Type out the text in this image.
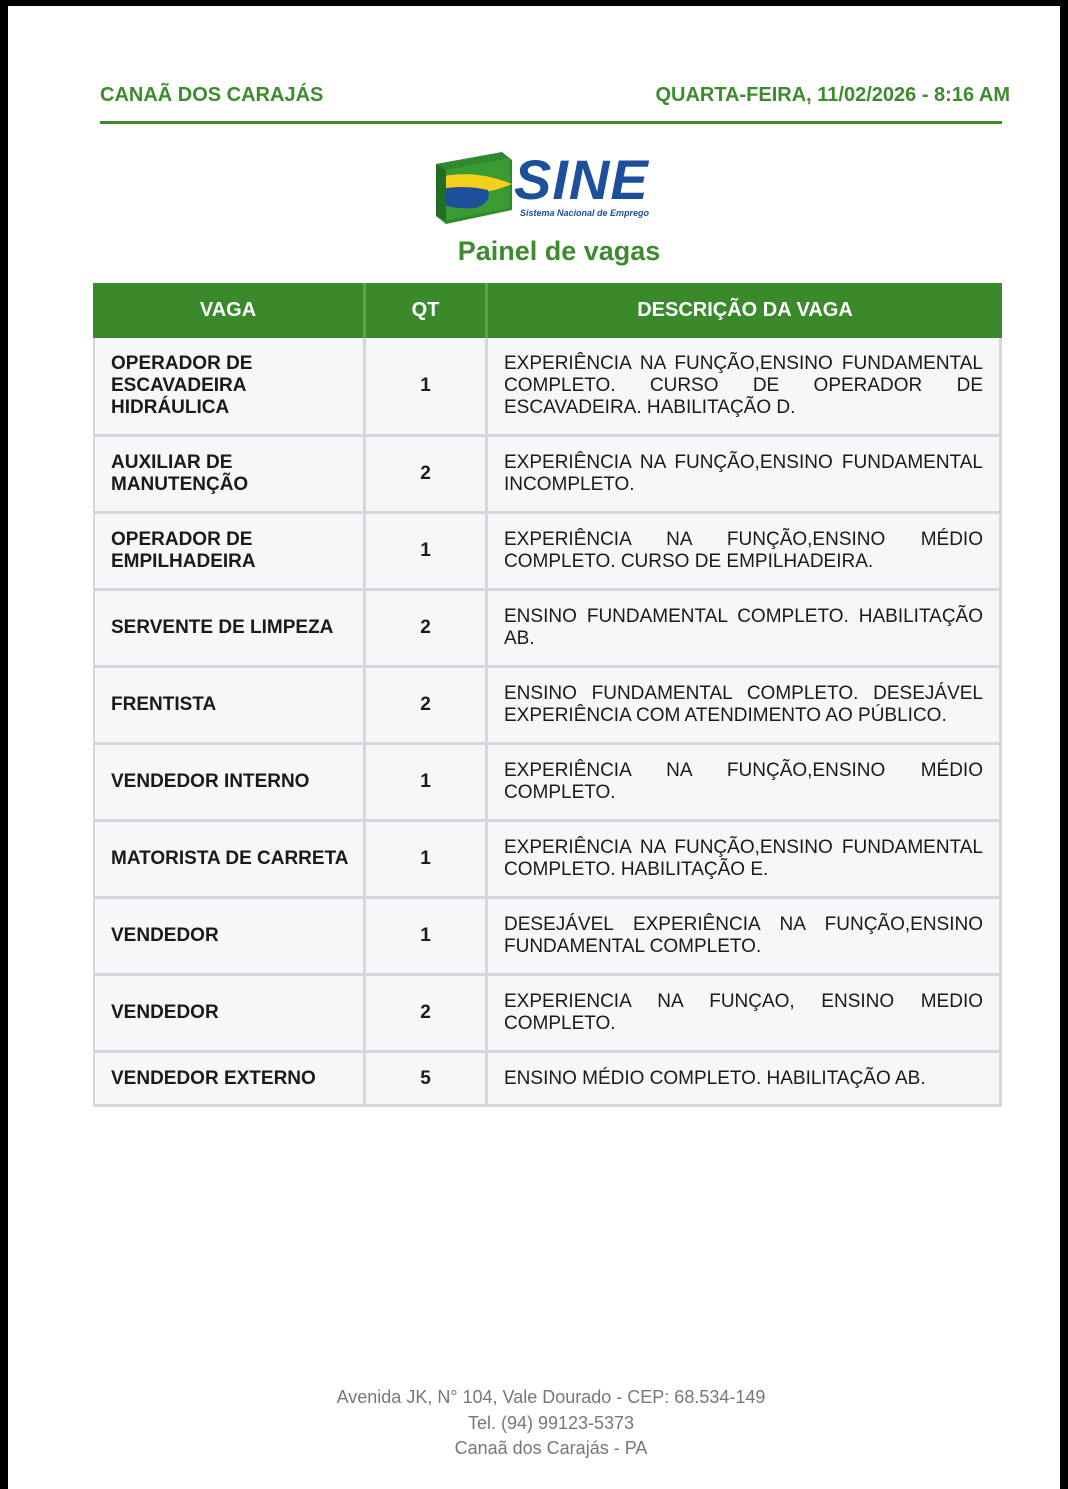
CANAÃ DOS CARAJÁS	QUARTA-FEIRA, 11/02/2026 - 8:16 AM
SINE
Sistema Nacional de Emprego
Painel de vagas
VAGA	QT	DESCRIÇÃO DA VAGA
OPERADOR DE ESCAVADEIRA HIDRÁULICA	1	EXPERIÊNCIA NA FUNÇÃO,ENSINO FUNDAMENTAL COMPLETO. CURSO DE OPERADOR DE ESCAVADEIRA. HABILITAÇÃO D.
AUXILIAR DE MANUTENÇÃO	2	EXPERIÊNCIA NA FUNÇÃO,ENSINO FUNDAMENTAL INCOMPLETO.
OPERADOR DE EMPILHADEIRA	1	EXPERIÊNCIA NA FUNÇÃO,ENSINO MÉDIO COMPLETO. CURSO DE EMPILHADEIRA.
SERVENTE DE LIMPEZA	2	ENSINO FUNDAMENTAL COMPLETO. HABILITAÇÃO AB.
FRENTISTA	2	ENSINO FUNDAMENTAL COMPLETO. DESEJÁVEL EXPERIÊNCIA COM ATENDIMENTO AO PÚBLICO.
VENDEDOR INTERNO	1	EXPERIÊNCIA NA FUNÇÃO,ENSINO MÉDIO COMPLETO.
MATORISTA DE CARRETA	1	EXPERIÊNCIA NA FUNÇÃO,ENSINO FUNDAMENTAL COMPLETO. HABILITAÇÃO E.
VENDEDOR	1	DESEJÁVEL EXPERIÊNCIA NA FUNÇÃO,ENSINO FUNDAMENTAL COMPLETO.
VENDEDOR	2	EXPERIENCIA NA FUNÇAO, ENSINO MEDIO COMPLETO.
VENDEDOR EXTERNO	5	ENSINO MÉDIO COMPLETO. HABILITAÇÃO AB.
Avenida JK, N° 104, Vale Dourado - CEP: 68.534-149
Tel. (94) 99123-5373
Canaã dos Carajás - PA
